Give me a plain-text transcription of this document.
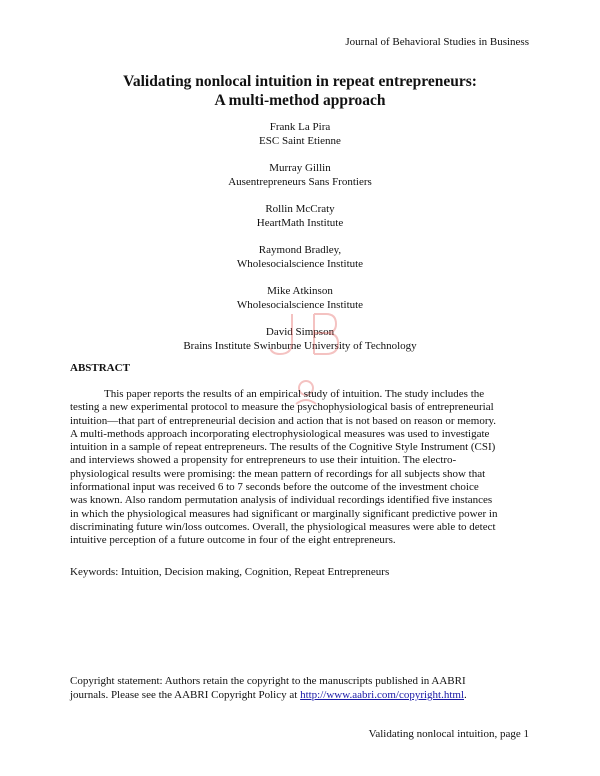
Journal of Behavioral Studies in Business
Validating nonlocal intuition in repeat entrepreneurs:
A multi-method approach
Frank La Pira
ESC Saint Etienne
Murray Gillin
Ausentrepreneurs Sans Frontiers
Rollin McCraty
HeartMath Institute
Raymond Bradley,
Wholesocialscience Institute
Mike Atkinson
Wholesocialscience Institute
David Simpson
Brains Institute Swinburne University of Technology
ABSTRACT
This paper reports the results of an empirical study of intuition. The study includes the
testing a new experimental protocol to measure the psychophysiological basis of entrepreneurial
intuition—that part of entrepreneurial decision and action that is not based on reason or memory.
A multi-methods approach incorporating electrophysiological measures was used to investigate
intuition in a sample of repeat entrepreneurs. The results of the Cognitive Style Instrument (CSI)
and interviews showed a propensity for entrepreneurs to use their intuition. The electro-
physiological results were promising: the mean pattern of recordings for all subjects show that
informational input was received 6 to 7 seconds before the outcome of the investment choice
was known. Also random permutation analysis of individual recordings identified five instances
in which the physiological measures had significant or marginally significant predictive power in
discriminating future win/loss outcomes. Overall, the physiological measures were able to detect
intuitive perception of a future outcome in four of the eight entrepreneurs.
Keywords: Intuition, Decision making, Cognition, Repeat Entrepreneurs
Copyright statement: Authors retain the copyright to the manuscripts published in AABRI
journals. Please see the AABRI Copyright Policy at http://www.aabri.com/copyright.html.
Validating nonlocal intuition, page 1
